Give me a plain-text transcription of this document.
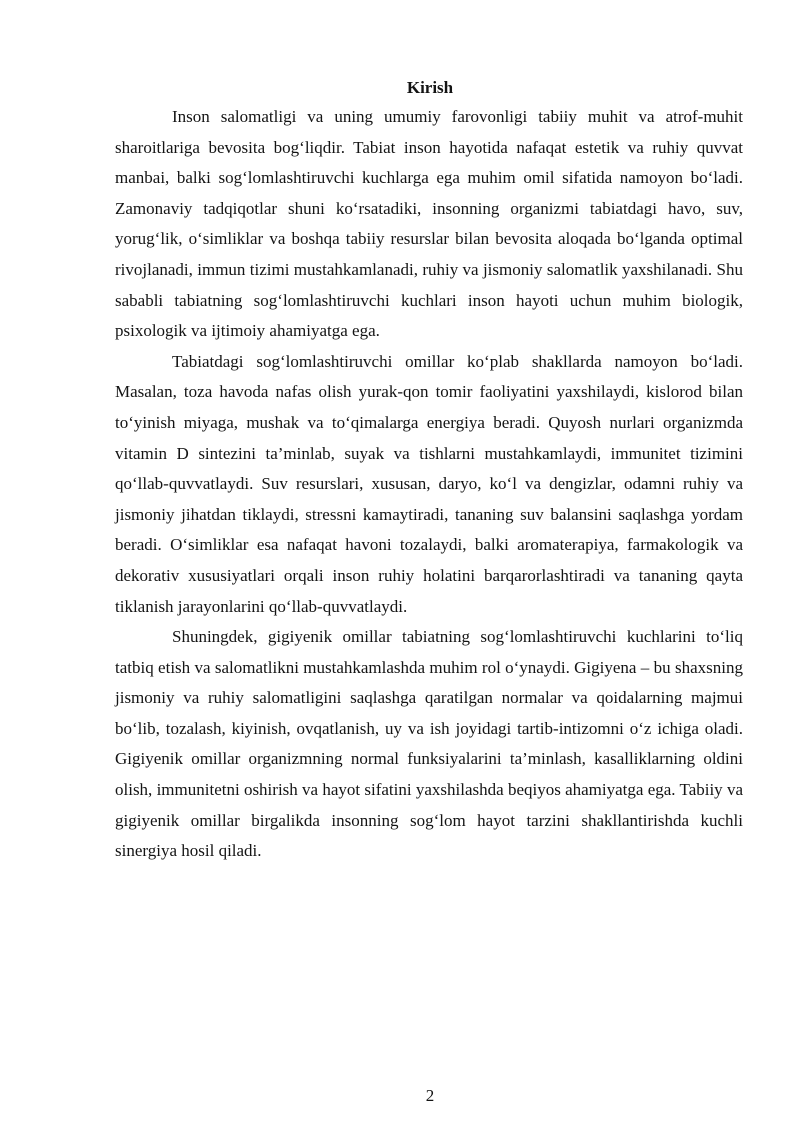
Kirish

Inson salomatligi va uning umumiy farovonligi tabiiy muhit va atrof-muhit sharoitlariga bevosita bog‘liqdir. Tabiat inson hayotida nafaqat estetik va ruhiy quvvat manbai, balki sog‘lomlashtiruvchi kuchlarga ega muhim omil sifatida namoyon bo‘ladi. Zamonaviy tadqiqotlar shuni ko‘rsatadiki, insonning organizmi tabiatdagi havo, suv, yorug‘lik, o‘simliklar va boshqa tabiiy resurslar bilan bevosita aloqada bo‘lganda optimal rivojlanadi, immun tizimi mustahkamlanadi, ruhiy va jismoniy salomatlik yaxshilanadi. Shu sababli tabiatning sog‘lomlashtiruvchi kuchlari inson hayoti uchun muhim biologik, psixologik va ijtimoiy ahamiyatga ega.

Tabiatdagi sog‘lomlashtiruvchi omillar ko‘plab shakllarda namoyon bo‘ladi. Masalan, toza havoda nafas olish yurak-qon tomir faoliyatini yaxshilaydi, kislorod bilan to‘yinish miyaga, mushak va to‘qimalarga energiya beradi. Quyosh nurlari organizmda vitamin D sintezini ta’minlab, suyak va tishlarni mustahkamlaydi, immunitet tizimini qo‘llab-quvvatlaydi. Suv resurslari, xususan, daryo, ko‘l va dengizlar, odamni ruhiy va jismoniy jihatdan tiklaydi, stressni kamaytiradi, tananing suv balansini saqlashga yordam beradi. O‘simliklar esa nafaqat havoni tozalaydi, balki aromaterapiya, farmakologik va dekorativ xususiyatlari orqali inson ruhiy holatini barqarorlashtiradi va tananing qayta tiklanish jarayonlarini qo‘llab-quvvatlaydi.

Shuningdek, gigiyenik omillar tabiatning sog‘lomlashtiruvchi kuchlarini to‘liq tatbiq etish va salomatlikni mustahkamlashda muhim rol o‘ynaydi. Gigiyena – bu shaxsning jismoniy va ruhiy salomatligini saqlashga qaratilgan normalar va qoidalarning majmui bo‘lib, tozalash, kiyinish, ovqatlanish, uy va ish joyidagi tartib-intizomni o‘z ichiga oladi. Gigiyenik omillar organizmning normal funksiyalarini ta’minlash, kasalliklarning oldini olish, immunitetni oshirish va hayot sifatini yaxshilashda beqiyos ahamiyatga ega. Tabiiy va gigiyenik omillar birgalikda insonning sog‘lom hayot tarzini shakllantirishda kuchli sinergiya hosil qiladi.

2
